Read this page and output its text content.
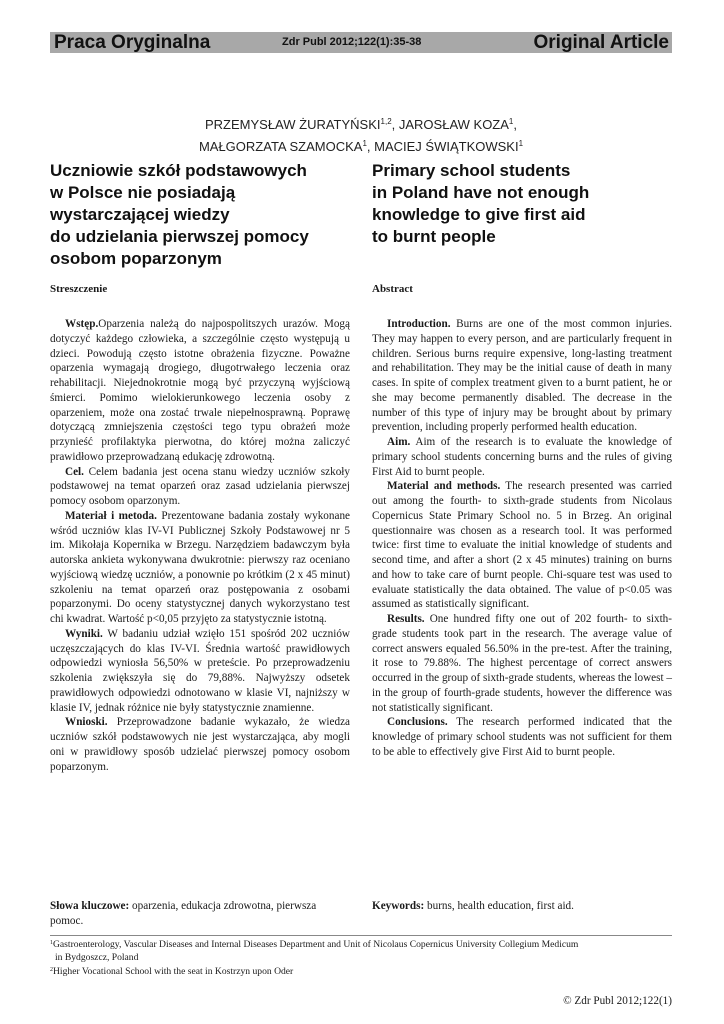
Praca Oryginalna	Zdr Publ 2012;122(1):35-38	Original Article
PRZEMYSŁAW ŻURATYŃSKI$^{1,2}$, JAROSŁAW KOZA$^1$,
MAŁGORZATA SZAMOCKA$^1$, MACIEJ ŚWIĄTKOWSKI$^1$
Uczniowie szkół podstawowych
w Polsce nie posiadają
wystarczającej wiedzy
do udzielania pierwszej pomocy
osobom poparzonym
Primary school students
in Poland have not enough
knowledge to give first aid
to burnt people
Streszczenie	Abstract

Wstęp.Oparzenia należą do najpospolitszych urazów. Mogą dotyczyć każdego człowieka, a szczególnie często występują u dzieci. Powodują często istotne obrażenia fizyczne. Poważne oparzenia wymagają drogiego, długotrwałego leczenia oraz rehabilitacji. Niejednokrotnie mogą być przyczyną wyjściową śmierci. Pomimo wielokierunkowego leczenia osoby z oparzeniem, może ona zostać trwale niepełnosprawną. Poprawę dotyczącą zmniejszenia częstości tego typu obrażeń może przynieść profilaktyka pierwotna, do której można zaliczyć prawidłowo przeprowadzaną edukację zdrowotną.

Cel. Celem badania jest ocena stanu wiedzy uczniów szkoły podstawowej na temat oparzeń oraz zasad udzielania pierwszej pomocy osobom oparzonym.

Materiał i metoda. Prezentowane badania zostały wykonane wśród uczniów klas IV-VI Publicznej Szkoły Podstawowej nr 5 im. Mikołaja Kopernika w Brzegu. Narzędziem badawczym była autorska ankieta wykonywana dwukrotnie: pierwszy raz oceniano wyjściową wiedzę uczniów, a ponownie po krótkim (2 x 45 minut) szkoleniu na temat oparzeń oraz postępowania z osobami poparzonymi. Do oceny statystycznej danych wykorzystano test chi kwadrat. Wartość p<0,05 przyjęto za statystycznie istotną.

Wyniki. W badaniu udział wzięło 151 spośród 202 uczniów uczęszczających do klas IV-VI. Średnia wartość prawidłowych odpowiedzi wyniosła 56,50% w preteście. Po przeprowadzeniu szkolenia zwiększyła się do 79,88%. Najwyższy odsetek prawidłowych odpowiedzi odnotowano w klasie VI, najniższy w klasie IV, jednak różnice nie były statystycznie znamienne.

Wnioski. Przeprowadzone badanie wykazało, że wiedza uczniów szkół podstawowych nie jest wystarczająca, aby mogli oni w prawidłowy sposób udzielać pierwszej pomocy osobom poparzonym.

Introduction. Burns are one of the most common injuries. They may happen to every person, and are particularly frequent in children. Serious burns require expensive, long-lasting treatment and rehabilitation. They may be the initial cause of death in many cases. In spite of complex treatment given to a burnt patient, he or she may become permanently disabled. The decrease in the number of this type of injury may be brought about by primary prevention, including properly performed health education.

Aim. Aim of the research is to evaluate the knowledge of primary school students concerning burns and the rules of giving First Aid to burnt people.

Material and methods. The research presented was carried out among the fourth- to sixth-grade students from Nicolaus Copernicus State Primary School no. 5 in Brzeg. An original questionnaire was chosen as a research tool. It was performed twice: first time to evaluate the initial knowledge of students and second time, and after a short (2 x 45 minutes) training on burns and how to take care of burnt people. Chi-square test was used to evaluate statistically the data obtained. The value of p<0.05 was assumed as statistically significant.

Results. One hundred fifty one out of 202 fourth- to sixth-grade students took part in the research. The average value of correct answers equaled 56.50% in the pre-test. After the training, it rose to 79.88%. The highest percentage of correct answers occurred in the group of sixth-grade students, whereas the lowest – in the group of fourth-grade students, however the difference was not statistically significant.

Conclusions. The research performed indicated that the knowledge of primary school students was not sufficient for them to be able to effectively give First Aid to burnt people.

Słowa kluczowe: oparzenia, edukacja zdrowotna, pierwsza pomoc.
Keywords: burns, health education, first aid.

$^1$Gastroenterology, Vascular Diseases and Internal Diseases Department and Unit of Nicolaus Copernicus University Collegium Medicum

in Bydgoszcz, Poland

$^2$Higher Vocational School with the seat in Kostrzyn upon Oder

© Zdr Publ 2012;122(1)
